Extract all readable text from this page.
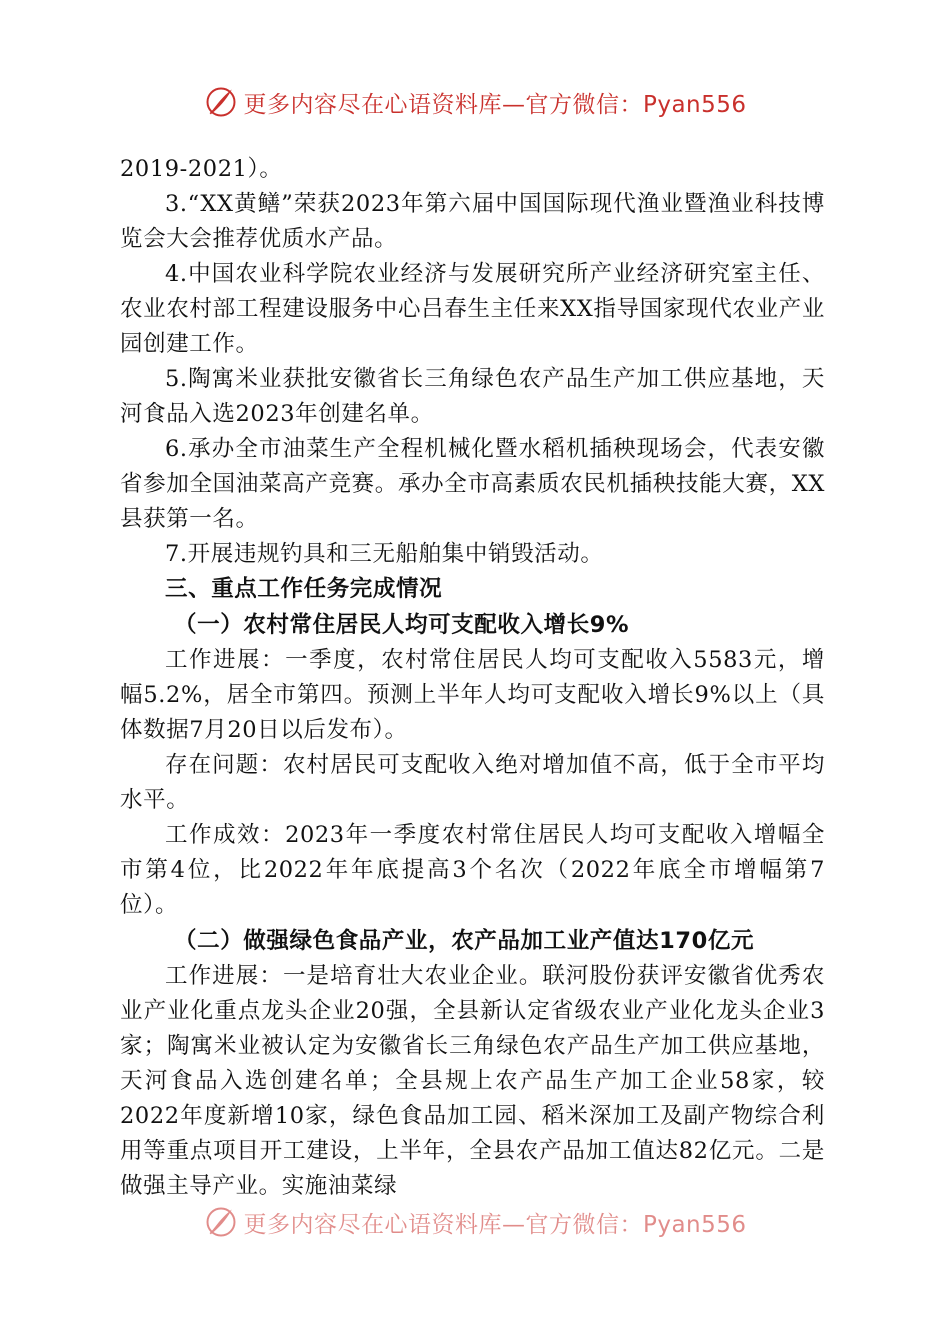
更多内容尽在心语资料库—官方微信：Pyan556

2019-2021）。

3.“XX黄鳝”荣获2023年第六届中国国际现代渔业暨渔业科技博览会大会推荐优质水产品。

4.中国农业科学院农业经济与发展研究所产业经济研究室主任、农业农村部工程建设服务中心吕春生主任来XX指导国家现代农业产业园创建工作。

5.陶寓米业获批安徽省长三角绿色农产品生产加工供应基地，天河食品入选2023年创建名单。

6.承办全市油菜生产全程机械化暨水稻机插秧现场会，代表安徽省参加全国油菜高产竞赛。承办全市高素质农民机插秧技能大赛，XX县获第一名。

7.开展违规钓具和三无船舶集中销毁活动。

三、重点工作任务完成情况

（一）农村常住居民人均可支配收入增长9%

工作进展：一季度，农村常住居民人均可支配收入5583元，增幅5.2%，居全市第四。预测上半年人均可支配收入增长9%以上（具体数据7月20日以后发布）。

存在问题：农村居民可支配收入绝对增加值不高，低于全市平均水平。

工作成效：2023年一季度农村常住居民人均可支配收入增幅全市第4位，比2022年年底提高3个名次（2022年底全市增幅第7位）。

（二）做强绿色食品产业，农产品加工业产值达170亿元

工作进展：一是培育壮大农业企业。联河股份获评安徽省优秀农业产业化重点龙头企业20强，全县新认定省级农业产业化龙头企业3家；陶寓米业被认定为安徽省长三角绿色农产品生产加工供应基地，天河食品入选创建名单；全县规上农产品生产加工企业58家，较2022年度新增10家，绿色食品加工园、稻米深加工及副产物综合利用等重点项目开工建设，上半年，全县农产品加工值达82亿元。二是做强主导产业。实施油菜绿

更多内容尽在心语资料库—官方微信：Pyan556
